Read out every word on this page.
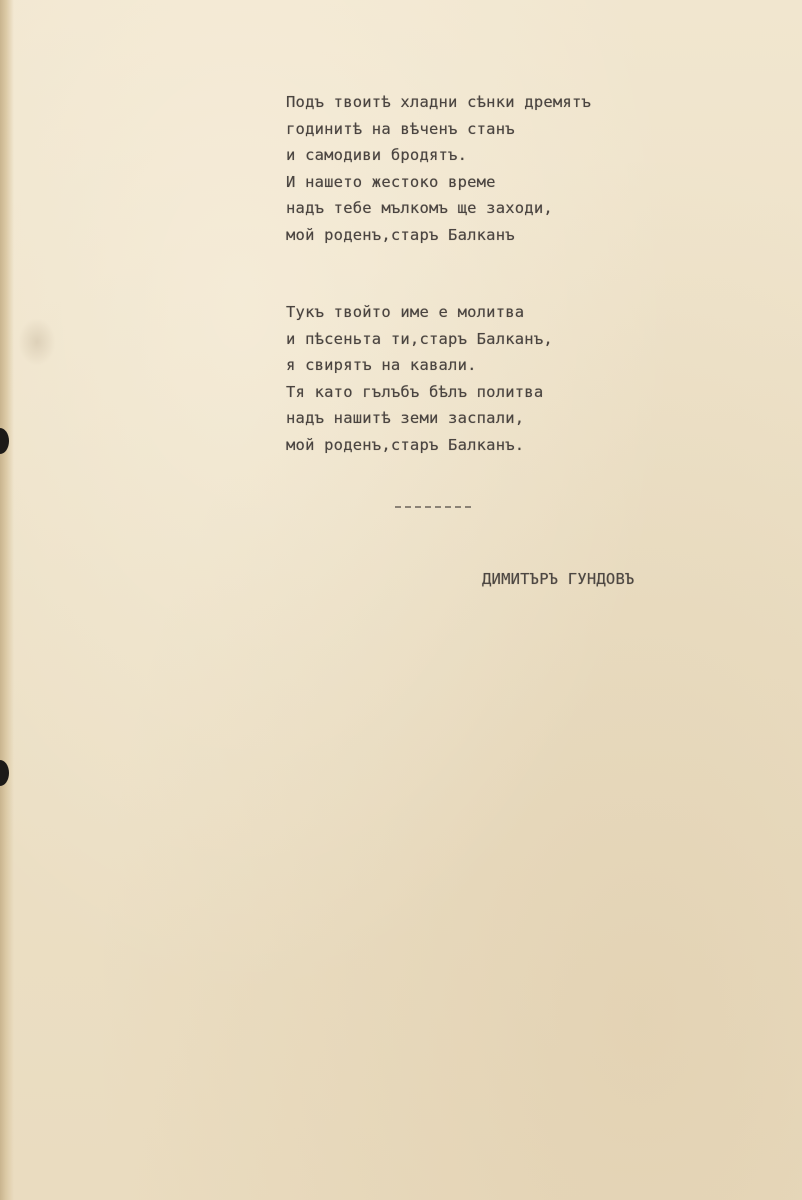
Подъ твоитѣ хладни сѣнки дремятъ
годинитѣ на вѣченъ станъ
и самодиви бродятъ.
И нашето жестоко време
надъ тебе мълкомъ ще заходи,
мой роденъ,старъ Балканъ
Тукъ твойто име е молитва
и пѣсеньта ти,старъ Балканъ,
я свирятъ на кавали.
Тя като гълъбъ бѣлъ политва
надъ нашитѣ земи заспали,
мой роденъ,старъ Балканъ.
ДИМИТЪРЪ ГУНДОВЪ
